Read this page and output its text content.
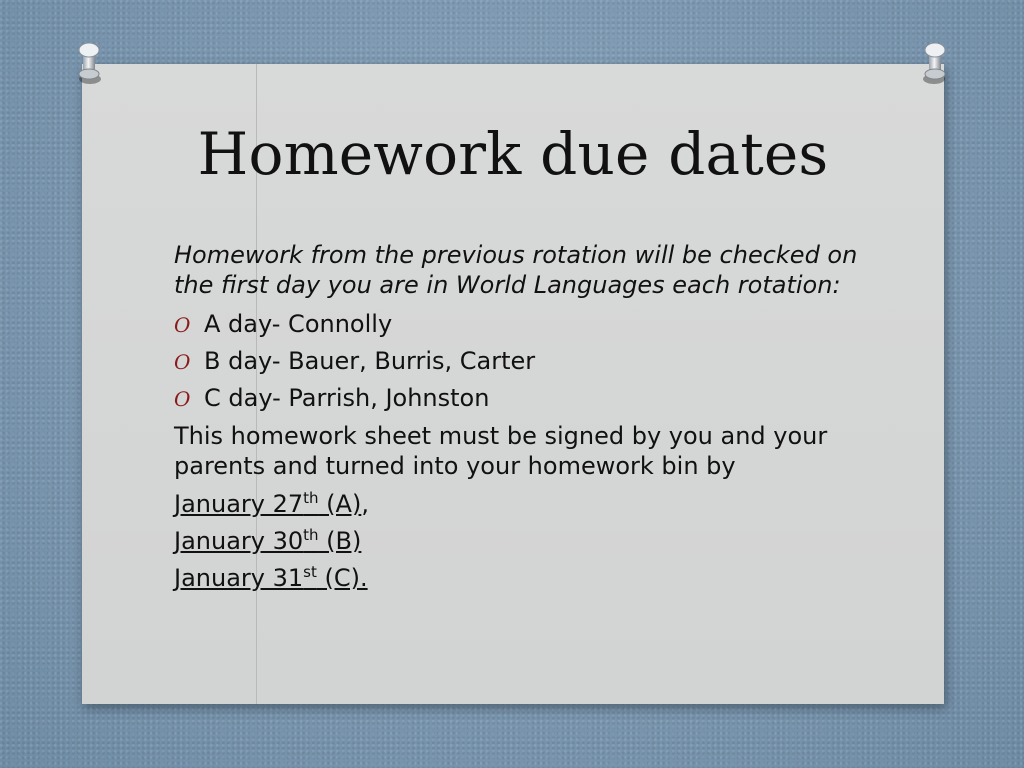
Homework due dates

Homework from the previous rotation will be checked on the first day you are in World Languages each rotation:

O A day- Connolly
O B day- Bauer, Burris, Carter
O C day- Parrish, Johnston

This homework sheet must be signed by you and your parents and turned into your homework bin by

January 27th (A),

January 30th (B)

January 31st (C).
